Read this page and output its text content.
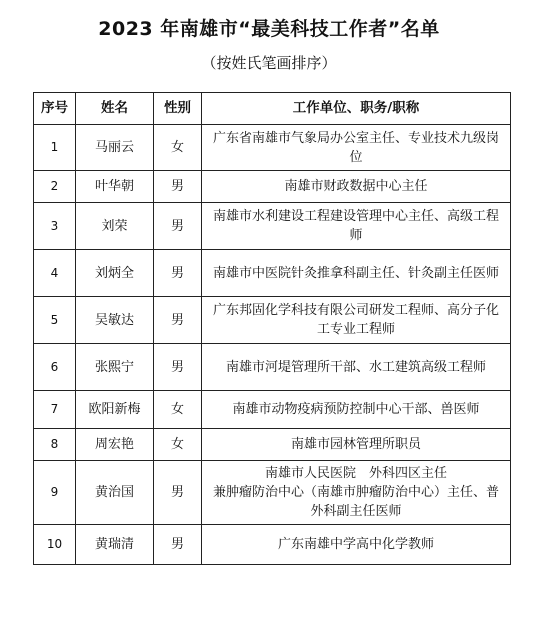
2023 年南雄市“最美科技工作者”名单
（按姓氏笔画排序）
序号	姓名	性别	工作单位、职务/职称
1	马丽云	女	广东省南雄市气象局办公室主任、专业技术九级岗位
2	叶华朝	男	南雄市财政数据中心主任
3	刘荣	男	南雄市水利建设工程建设管理中心主任、高级工程师
4	刘炳全	男	南雄市中医院针灸推拿科副主任、针灸副主任医师
5	吴敏达	男	广东邦固化学科技有限公司研发工程师、高分子化工专业工程师
6	张熙宁	男	南雄市河堤管理所干部、水工建筑高级工程师
7	欧阳新梅	女	南雄市动物疫病预防控制中心干部、兽医师
8	周宏艳	女	南雄市园林管理所职员
9	黄治国	男	南雄市人民医院　外科四区主任
兼肿瘤防治中心（南雄市肿瘤防治中心）主任、普外科副主任医师
10	黄瑞清	男	广东南雄中学高中化学教师
